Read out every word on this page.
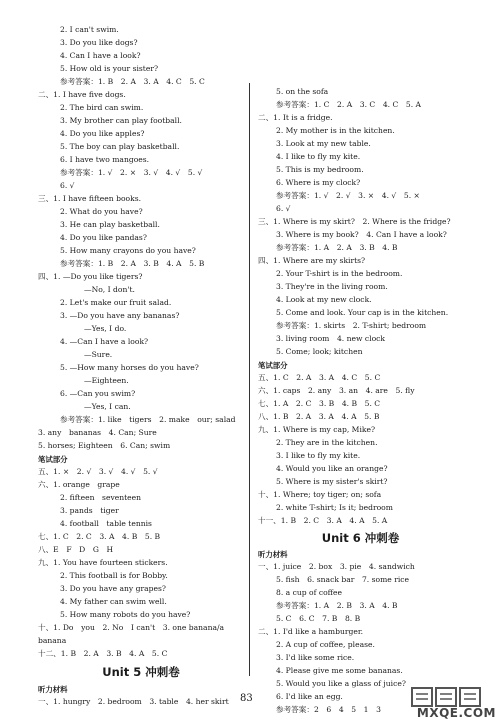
2. I can't swim.
3. Do you like dogs?
4. Can I have a look?
5. How old is your sister?
参考答案：1. B　2. A　3. A　4. C　5. C
二、1. I have five dogs.
2. The bird can swim.
3. My brother can play football.
4. Do you like apples?
5. The boy can play basketball.
6. I have two mangoes.
参考答案：1. √　2. ×　3. √　4. √　5. √
6. √
三、1. I have fifteen books.
2. What do you have?
3. He can play basketball.
4. Do you like pandas?
5. How many crayons do you have?
参考答案：1. B　2. A　3. B　4. A　5. B
四、1. —Do you like tigers?
—No, I don't.
2. Let's make our fruit salad.
3. —Do you have any bananas?
—Yes, I do.
4. —Can I have a look?
—Sure.
5. —How many horses do you have?
—Eighteen.
6. —Can you swim?
—Yes, I can.
参考答案：1. like　tigers　2. make　our; salad
3. any　bananas　4. Can; Sure
5. horses; Eighteen　6. Can; swim
笔试部分
五、1. ×　2. √　3. √　4. √　5. √
六、1. orange　grape
2. fifteen　seventeen
3. pands　tiger
4. football　table tennis
七、1. C　2. C　3. A　4. B　5. B
八、E　F　D　G　H
九、1. You have fourteen stickers.
2. This football is for Bobby.
3. Do you have any grapes?
4. My father can swim well.
5. How many robots do you have?
十、1. Do　you　2. No　I can't　3. one banana/a
banana
十二、1. B　2. A　3. B　4. A　5. C
Unit 5 冲刺卷
听力材料
一、1. hungry　2. bedroom　3. table　4. her skirt
5. on the sofa
参考答案：1. C　2. A　3. C　4. C　5. A
二、1. It is a fridge.
2. My mother is in the kitchen.
3. Look at my new table.
4. I like to fly my kite.
5. This is my bedroom.
6. Where is my clock?
参考答案：1. √　2. √　3. ×　4. √　5. ×
6. √
三、1. Where is my skirt?　2. Where is the fridge?
3. Where is my book?　4. Can I have a look?
参考答案：1. A　2. A　3. B　4. B
四、1. Where are my skirts?
2. Your T-shirt is in the bedroom.
3. They're in the living room.
4. Look at my new clock.
5. Come and look. Your cap is in the kitchen.
参考答案：1. skirts　2. T-shirt; bedroom
3. living room　4. new clock
5. Come; look; kitchen
笔试部分
五、1. C　2. A　3. A　4. C　5. C
六、1. caps　2. any　3. an　4. are　5. fly
七、1. A　2. C　3. B　4. B　5. C
八、1. B　2. A　3. A　4. A　5. B
九、1. Where is my cap, Mike?
2. They are in the kitchen.
3. I like to fly my kite.
4. Would you like an orange?
5. Where is my sister's skirt?
十、1. Where; toy tiger; on; sofa
2. white T-shirt; Is it; bedroom
十一、1. B　2. C　3. A　4. A　5. A
Unit 6 冲刺卷
听力材料
一、1. juice　2. box　3. pie　4. sandwich
5. fish　6. snack bar　7. some rice
8. a cup of coffee
参考答案：1. A　2. B　3. A　4. B
5. C　6. C　7. B　8. B
二、1. I'd like a hamburger.
2. A cup of coffee, please.
3. I'd like some rice.
4. Please give me some bananas.
5. Would you like a glass of juice?
6. I'd like an egg.
参考答案：2　6　4　5　1　3
83
MXQE.COM
